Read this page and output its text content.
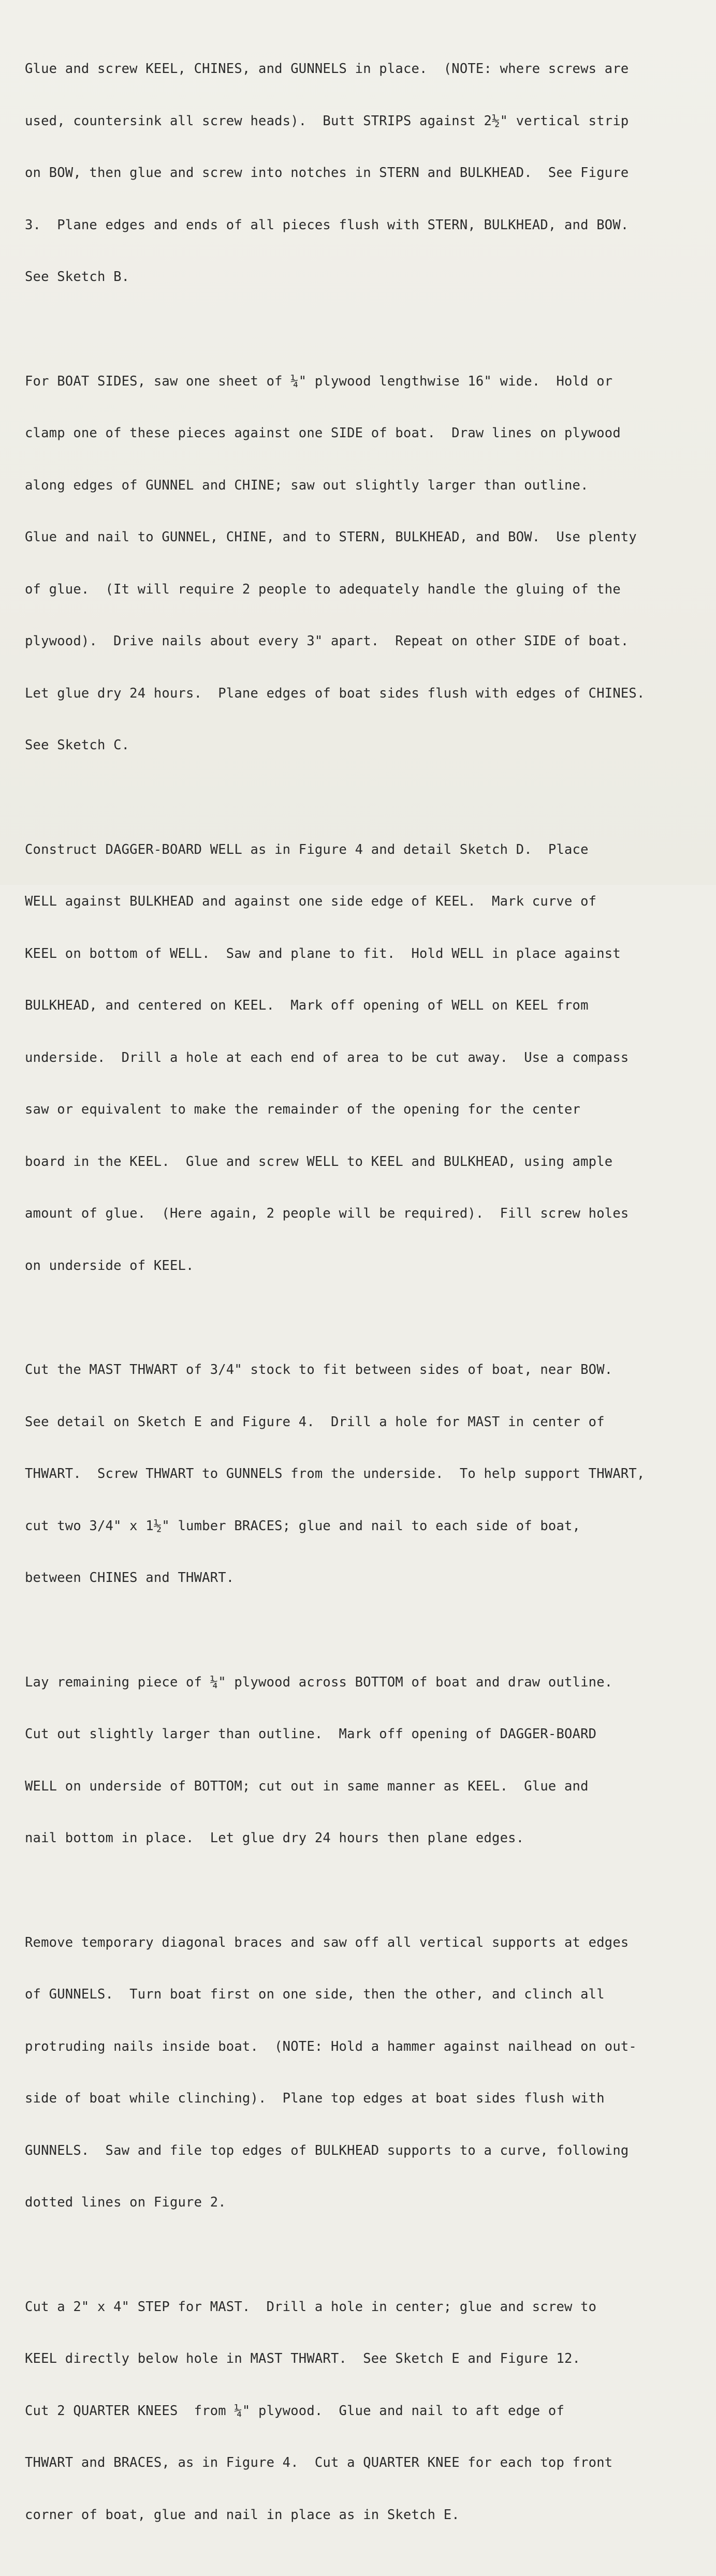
Glue and screw KEEL, CHINES, and GUNNELS in place.  (NOTE: where screws are

used, countersink all screw heads).  Butt STRIPS against 2½" vertical strip

on BOW, then glue and screw into notches in STERN and BULKHEAD.  See Figure

3.  Plane edges and ends of all pieces flush with STERN, BULKHEAD, and BOW.

See Sketch B.

For BOAT SIDES, saw one sheet of ¼" plywood lengthwise 16" wide.  Hold or

clamp one of these pieces against one SIDE of boat.  Draw lines on plywood

along edges of GUNNEL and CHINE; saw out slightly larger than outline.

Glue and nail to GUNNEL, CHINE, and to STERN, BULKHEAD, and BOW.  Use plenty

of glue.  (It will require 2 people to adequately handle the gluing of the

plywood).  Drive nails about every 3" apart.  Repeat on other SIDE of boat.

Let glue dry 24 hours.  Plane edges of boat sides flush with edges of CHINES.

See Sketch C.

Construct DAGGER-BOARD WELL as in Figure 4 and detail Sketch D.  Place

WELL against BULKHEAD and against one side edge of KEEL.  Mark curve of

KEEL on bottom of WELL.  Saw and plane to fit.  Hold WELL in place against

BULKHEAD, and centered on KEEL.  Mark off opening of WELL on KEEL from

underside.  Drill a hole at each end of area to be cut away.  Use a compass

saw or equivalent to make the remainder of the opening for the center

board in the KEEL.  Glue and screw WELL to KEEL and BULKHEAD, using ample

amount of glue.  (Here again, 2 people will be required).  Fill screw holes

on underside of KEEL.

Cut the MAST THWART of 3/4" stock to fit between sides of boat, near BOW.

See detail on Sketch E and Figure 4.  Drill a hole for MAST in center of

THWART.  Screw THWART to GUNNELS from the underside.  To help support THWART,

cut two 3/4" x 1½" lumber BRACES; glue and nail to each side of boat,

between CHINES and THWART.

Lay remaining piece of ¼" plywood across BOTTOM of boat and draw outline.

Cut out slightly larger than outline.  Mark off opening of DAGGER-BOARD

WELL on underside of BOTTOM; cut out in same manner as KEEL.  Glue and

nail bottom in place.  Let glue dry 24 hours then plane edges.

Remove temporary diagonal braces and saw off all vertical supports at edges

of GUNNELS.  Turn boat first on one side, then the other, and clinch all

protruding nails inside boat.  (NOTE: Hold a hammer against nailhead on out-

side of boat while clinching).  Plane top edges at boat sides flush with

GUNNELS.  Saw and file top edges of BULKHEAD supports to a curve, following

dotted lines on Figure 2.

Cut a 2" x 4" STEP for MAST.  Drill a hole in center; glue and screw to

KEEL directly below hole in MAST THWART.  See Sketch E and Figure 12.

Cut 2 QUARTER KNEES  from ¼" plywood.  Glue and nail to aft edge of

THWART and BRACES, as in Figure 4.  Cut a QUARTER KNEE for each top front

corner of boat, glue and nail in place as in Sketch E.
